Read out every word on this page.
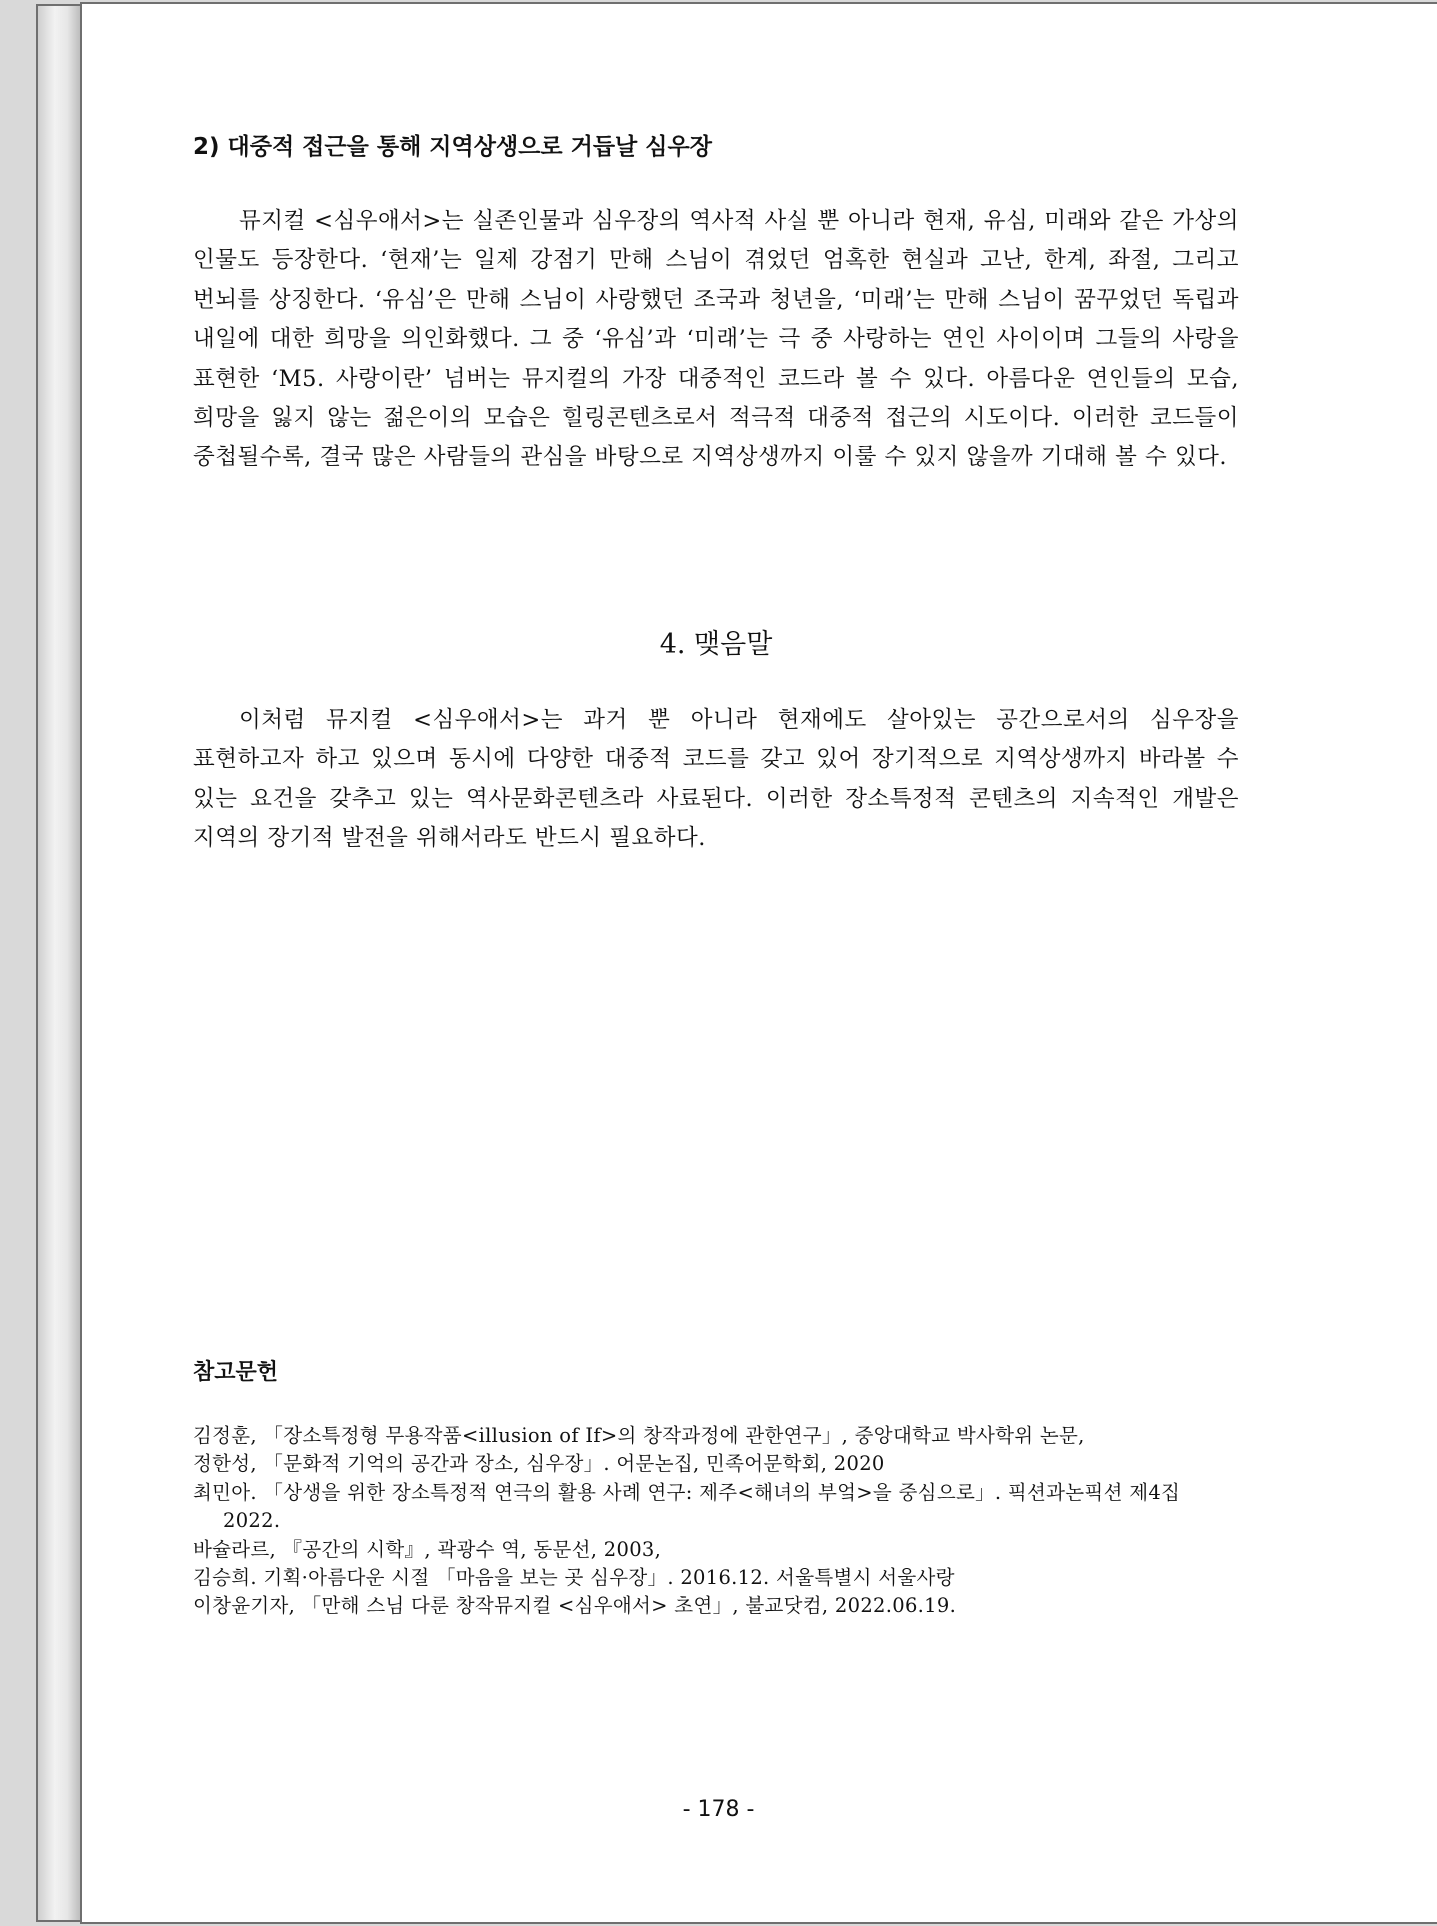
2) 대중적 접근을 통해 지역상생으로 거듭날 심우장

뮤지컬 <심우애서>는 실존인물과 심우장의 역사적 사실 뿐 아니라 현재, 유심, 미래와 같은 가상의 인물도 등장한다. ‘현재’는 일제 강점기 만해 스님이 겪었던 엄혹한 현실과 고난, 한계, 좌절, 그리고 번뇌를 상징한다. ‘유심’은 만해 스님이 사랑했던 조국과 청년을, ‘미래’는 만해 스님이 꿈꾸었던 독립과 내일에 대한 희망을 의인화했다. 그 중 ‘유심’과 ‘미래’는 극 중 사랑하는 연인 사이이며 그들의 사랑을 표현한 ‘M5. 사랑이란’ 넘버는 뮤지컬의 가장 대중적인 코드라 볼 수 있다. 아름다운 연인들의 모습, 희망을 잃지 않는 젊은이의 모습은 힐링콘텐츠로서 적극적 대중적 접근의 시도이다. 이러한 코드들이 중첩될수록, 결국 많은 사람들의 관심을 바탕으로 지역상생까지 이룰 수 있지 않을까 기대해 볼 수 있다.

4. 맺음말

이처럼 뮤지컬 <심우애서>는 과거 뿐 아니라 현재에도 살아있는 공간으로서의 심우장을 표현하고자 하고 있으며 동시에 다양한 대중적 코드를 갖고 있어 장기적으로 지역상생까지 바라볼 수 있는 요건을 갖추고 있는 역사문화콘텐츠라 사료된다. 이러한 장소특정적 콘텐츠의 지속적인 개발은 지역의 장기적 발전을 위해서라도 반드시 필요하다.

참고문헌
김정훈, 「장소특정형 무용작품<illusion of If>의 창작과정에 관한연구」, 중앙대학교 박사학위 논문,
정한성, 「문화적 기억의 공간과 장소, 심우장」. 어문논집, 민족어문학회, 2020
최민아. 「상생을 위한 장소특정적 연극의 활용 사례 연구: 제주<해녀의 부엌>을 중심으로」. 픽션과논픽션 제4집 2022.
바슐라르, 『공간의 시학』, 곽광수 역, 동문선, 2003,
김승희. 기획·아름다운 시절 「마음을 보는 곳 심우장」. 2016.12. 서울특별시 서울사랑
이창윤기자, 「만해 스님 다룬 창작뮤지컬 <심우애서> 초연」, 불교닷컴, 2022.06.19.
- 178 -
